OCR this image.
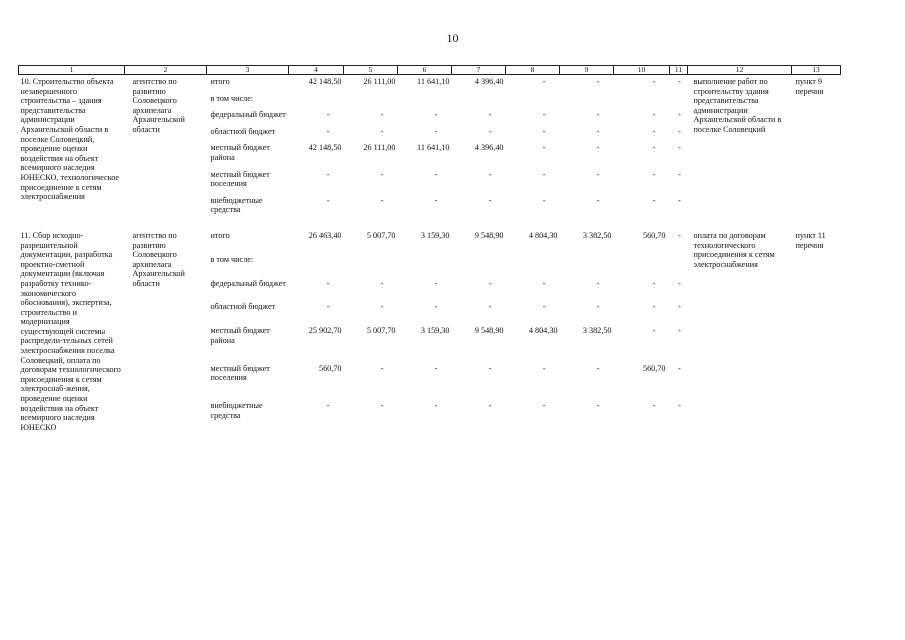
10
1	2	3	4	5	6	7	8	9	10	11	12	13
10. Строительство объекта незавершенного строительства – здания представительства администрации Архангельской области в поселке Соловецкий, проведение оценки воздействия на объект всемирного наследия ЮНЕСКО, технологическое присоединение к сетям электроснабжения	агентство по развитию Соловецкого архипелага Архангельской области	итого	42 148,50	26 111,00	11 641,10	4 396,40	-	-	-	-	выполнение работ по строительству здания представительства администрации Архангельской области в поселке Соловецкий	пункт 9 перечня
		в том числе:										
		федеральный бюджет	-	-	-	-	-	-	-	-		
		областной бюджет	-	-	-	-	-	-	-	-		
		местный бюджет района	42 148,50	26 111,00	11 641,10	4 396,40	-	-	-	-		
		местный бюджет поселения	-	-	-	-	-	-	-	-		
		внебюджетные средства	-	-	-	-	-	-	-	-		

11. Сбор исходно-разрешительной документации, разработка проектно-сметной документации (включая разработку технико-экономического обоснования), экспертиза, строительство и модернизация существующей системы распредели-тельных сетей электроснабжения поселка Соловецкий, оплата по договорам технологического присоединения к сетям электроснаб-жения, проведение оценки воздействия на объект всемирного наследия ЮНЕСКО	агентство по развитию Соловецкого архипелага Архангельской области	итого	26 463,40	5 007,70	3 159,30	9 548,90	4 804,30	3 382,50	560,70	-	оплата по договорам технологического присоединения к сетям электроснабжения	пункт 11 перечня
		в том числе:										
		федеральный бюджет	-	-	-	-	-	-	-	-		
		областной бюджет	-	-	-	-	-	-	-	-		
		местный бюджет района	25 902,70	5 007,70	3 159,30	9 548,90	4 804,30	3 382,50	-	-		
		местный бюджет поселения	560,70	-	-	-	-	-	560,70	-		
		внебюджетные средства	-	-	-	-	-	-	-	-		
